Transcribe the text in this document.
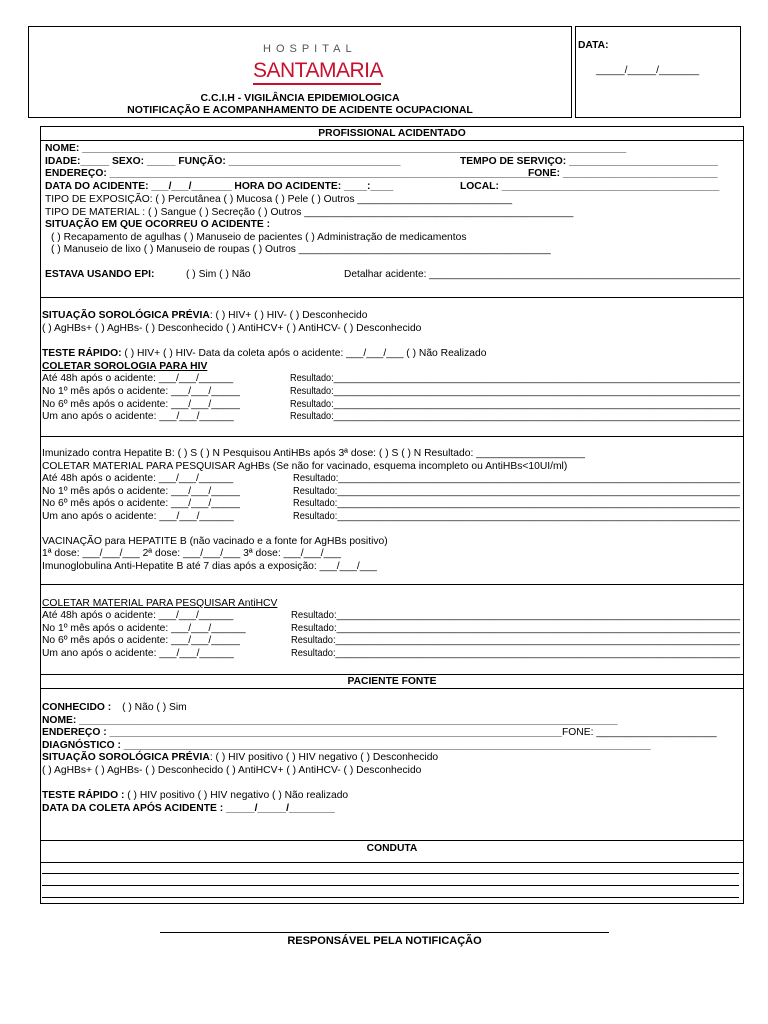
HOSPITAL
SANTAMARIA
C.C.I.H - VIGILÂNCIA EPIDEMIOLOGICA
NOTIFICAÇÃO E ACOMPANHAMENTO DE ACIDENTE OCUPACIONAL
DATA:
_____/_____/_______
PROFISSIONAL ACIDENTADO
NOME: _______________________________________________________________________________________________
IDADE:_____ SEXO: _____ FUNÇÃO: ______________________________	TEMPO DE SERVIÇO: __________________________
ENDEREÇO: _____________________________________________________________________________
FONE: ___________________________
DATA DO ACIDENTE: ___/___/_______ HORA DO ACIDENTE: ____:____	LOCAL: ______________________________________
TIPO DE EXPOSIÇÃO: ( ) Percutânea ( ) Mucosa ( ) Pele ( ) Outros ___________________________
TIPO DE MATERIAL : ( ) Sangue ( ) Secreção ( ) Outros _______________________________________________
SITUAÇÃO EM QUE OCORREU O ACIDENTE :
( ) Recapamento de agulhas ( ) Manuseio de pacientes ( ) Administração de medicamentos
( ) Manuseio de lixo ( ) Manuseio de roupas ( ) Outros ____________________________________________
ESTAVA USANDO EPI:	( ) Sim ( ) Não	Detalhar acidente: _______________________________________________________
SITUAÇÃO SOROLÓGICA PRÉVIA: ( ) HIV+ ( ) HIV- ( ) Desconhecido
( ) AgHBs+ ( ) AgHBs- ( ) Desconhecido ( ) AntiHCV+ ( ) AntiHCV- ( ) Desconhecido
TESTE RÁPIDO: ( ) HIV+ ( ) HIV- Data da coleta após o acidente: ___/___/___ ( ) Não Realizado
COLETAR SOROLOGIA PARA HIV
Até 48h após o acidente: ___/___/______	Resultado:________________________________________________________________________________
No 1º mês após o acidente: ___/___/_____	Resultado:________________________________________________________________________________
No 6º mês após o acidente: ___/___/_____	Resultado:________________________________________________________________________________
Um ano após o acidente: ___/___/______	Resultado:________________________________________________________________________________
Imunizado contra Hepatite B: ( ) S ( ) N Pesquisou AntiHBs após 3ª dose: ( ) S ( ) N Resultado: ___________________
COLETAR MATERIAL PARA PESQUISAR AgHBs (Se não for vacinado, esquema incompleto ou AntiHBs<10UI/ml)
Até 48h após o acidente: ___/___/______	Resultado:____________________________________________________________________________
No 1º mês após o acidente: ___/___/_____	Resultado:______________________________________________________________________________
No 6º mês após o acidente: ___/___/_____	Resultado:______________________________________________________________________________
Um ano após o acidente: ___/___/______	Resultado:______________________________________________________________________________
VACINAÇÃO para HEPATITE B (não vacinado e a fonte for AgHBs positivo)
1ª dose: ___/___/___ 2ª dose: ___/___/___ 3ª dose: ___/___/___
Imunoglobulina Anti-Hepatite B até 7 dias após a exposição: ___/___/___
COLETAR MATERIAL PARA PESQUISAR AntiHCV
Até 48h após o acidente: ___/___/______	Resultado:____________________________________________________________________________
No 1º mês após o acidente: ___/___/______	Resultado:____________________________________________________________________________
No 6º mês após o acidente: ___/___/_____	Resultado:______________________________________________________________________________
Um ano após o acidente: ___/___/______	Resultado:______________________________________________________________________________
PACIENTE FONTE
CONHECIDO : ( ) Não ( ) Sim
NOME: ______________________________________________________________________________________________
ENDEREÇO : _______________________________________________________________________________ FONE: _____________________
DIAGNÓSTICO : ____________________________________________________________________________________________
SITUAÇÃO SOROLÓGICA PRÉVIA: ( ) HIV positivo ( ) HIV negativo ( ) Desconhecido
( ) AgHBs+ ( ) AgHBs- ( ) Desconhecido ( ) AntiHCV+ ( ) AntiHCV- ( ) Desconhecido
TESTE RÁPIDO : ( ) HIV positivo ( ) HIV negativo ( ) Não realizado
DATA DA COLETA APÓS ACIDENTE : _____/_____/________
CONDUTA
RESPONSÁVEL PELA NOTIFICAÇÃO
